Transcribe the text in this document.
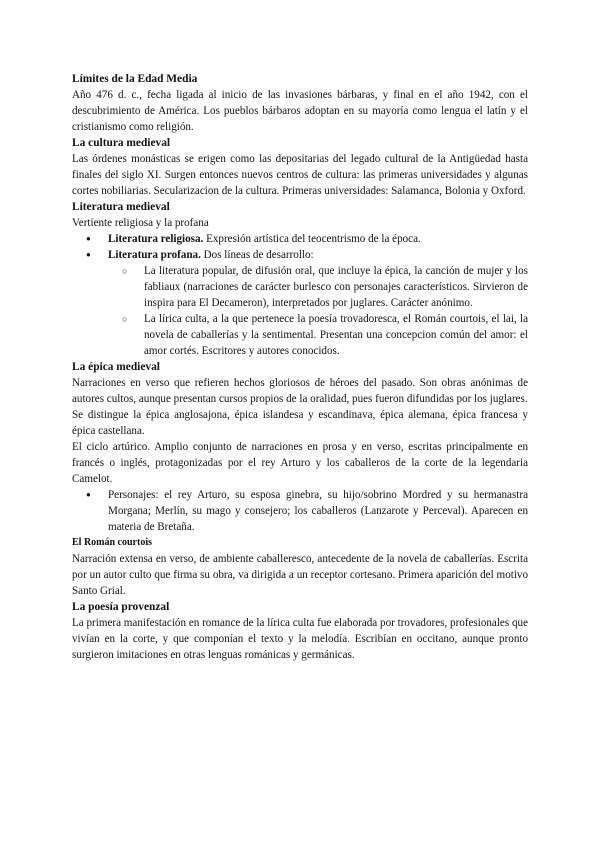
Límites de la Edad Media

Año 476 d. c., fecha ligada al inicio de las invasiones bárbaras, y final en el año 1942, con el descubrimiento de América. Los pueblos bárbaros adoptan en su mayoría como lengua el latín y el cristianismo como religión.

La cultura medieval

Las órdenes monásticas se erigen como las depositarias del legado cultural de la Antigüedad hasta finales del siglo XI. Surgen entonces nuevos centros de cultura: las primeras universidades y algunas cortes nobiliarias. Secularizacion de la cultura. Primeras universidades: Salamanca, Bolonia y Oxford.

Literatura medieval

Vertiente religiosa y la profana

● Literatura religiosa. Expresión artística del teocentrismo de la época.
● Literatura profana. Dos líneas de desarrollo:
○ La literatura popular, de difusión oral, que incluye la épica, la canción de mujer y los fabliaux (narraciones de carácter burlesco con personajes característicos. Sirvieron de inspira para El Decameron), interpretados por juglares. Carácter anónimo.
○ La lírica culta, a la que pertenece la poesía trovadoresca, el Román courtois, el lai, la novela de caballerías y la sentimental. Presentan una concepcion común del amor: el amor cortés. Escritores y autores conocidos.
La épica medieval

Narraciones en verso que refieren hechos gloriosos de héroes del pasado. Son obras anónimas de autores cultos, aunque presentan cursos propios de la oralidad, pues fueron difundidas por los juglares.

Se distingue la épica anglosajona, épica islandesa y escandinava, épica alemana, épica francesa y épica castellana.

El ciclo artúrico. Amplio conjunto de narraciones en prosa y en verso, escritas principalmente en francés o inglés, protagonizadas por el rey Arturo y los caballeros de la corte de la legendaria Camelot.

● Personajes: el rey Arturo, su esposa ginebra, su hijo/sobrino Mordred y su hermanastra Morgana; Merlín, su mago y consejero; los caballeros (Lanzarote y Perceval). Aparecen en materia de Bretaña.
El Román courtois

Narración extensa en verso, de ambiente caballeresco, antecedente de la novela de caballerías. Escrita por un autor culto que firma su obra, va dirigida a un receptor cortesano. Primera aparición del motivo Santo Grial.

La poesía provenzal

La primera manifestación en romance de la lírica culta fue elaborada por trovadores, profesionales que vivían en la corte, y que componían el texto y la melodía. Escribían en occitano, aunque pronto surgieron imitaciones en otras lenguas románicas y germánicas.
